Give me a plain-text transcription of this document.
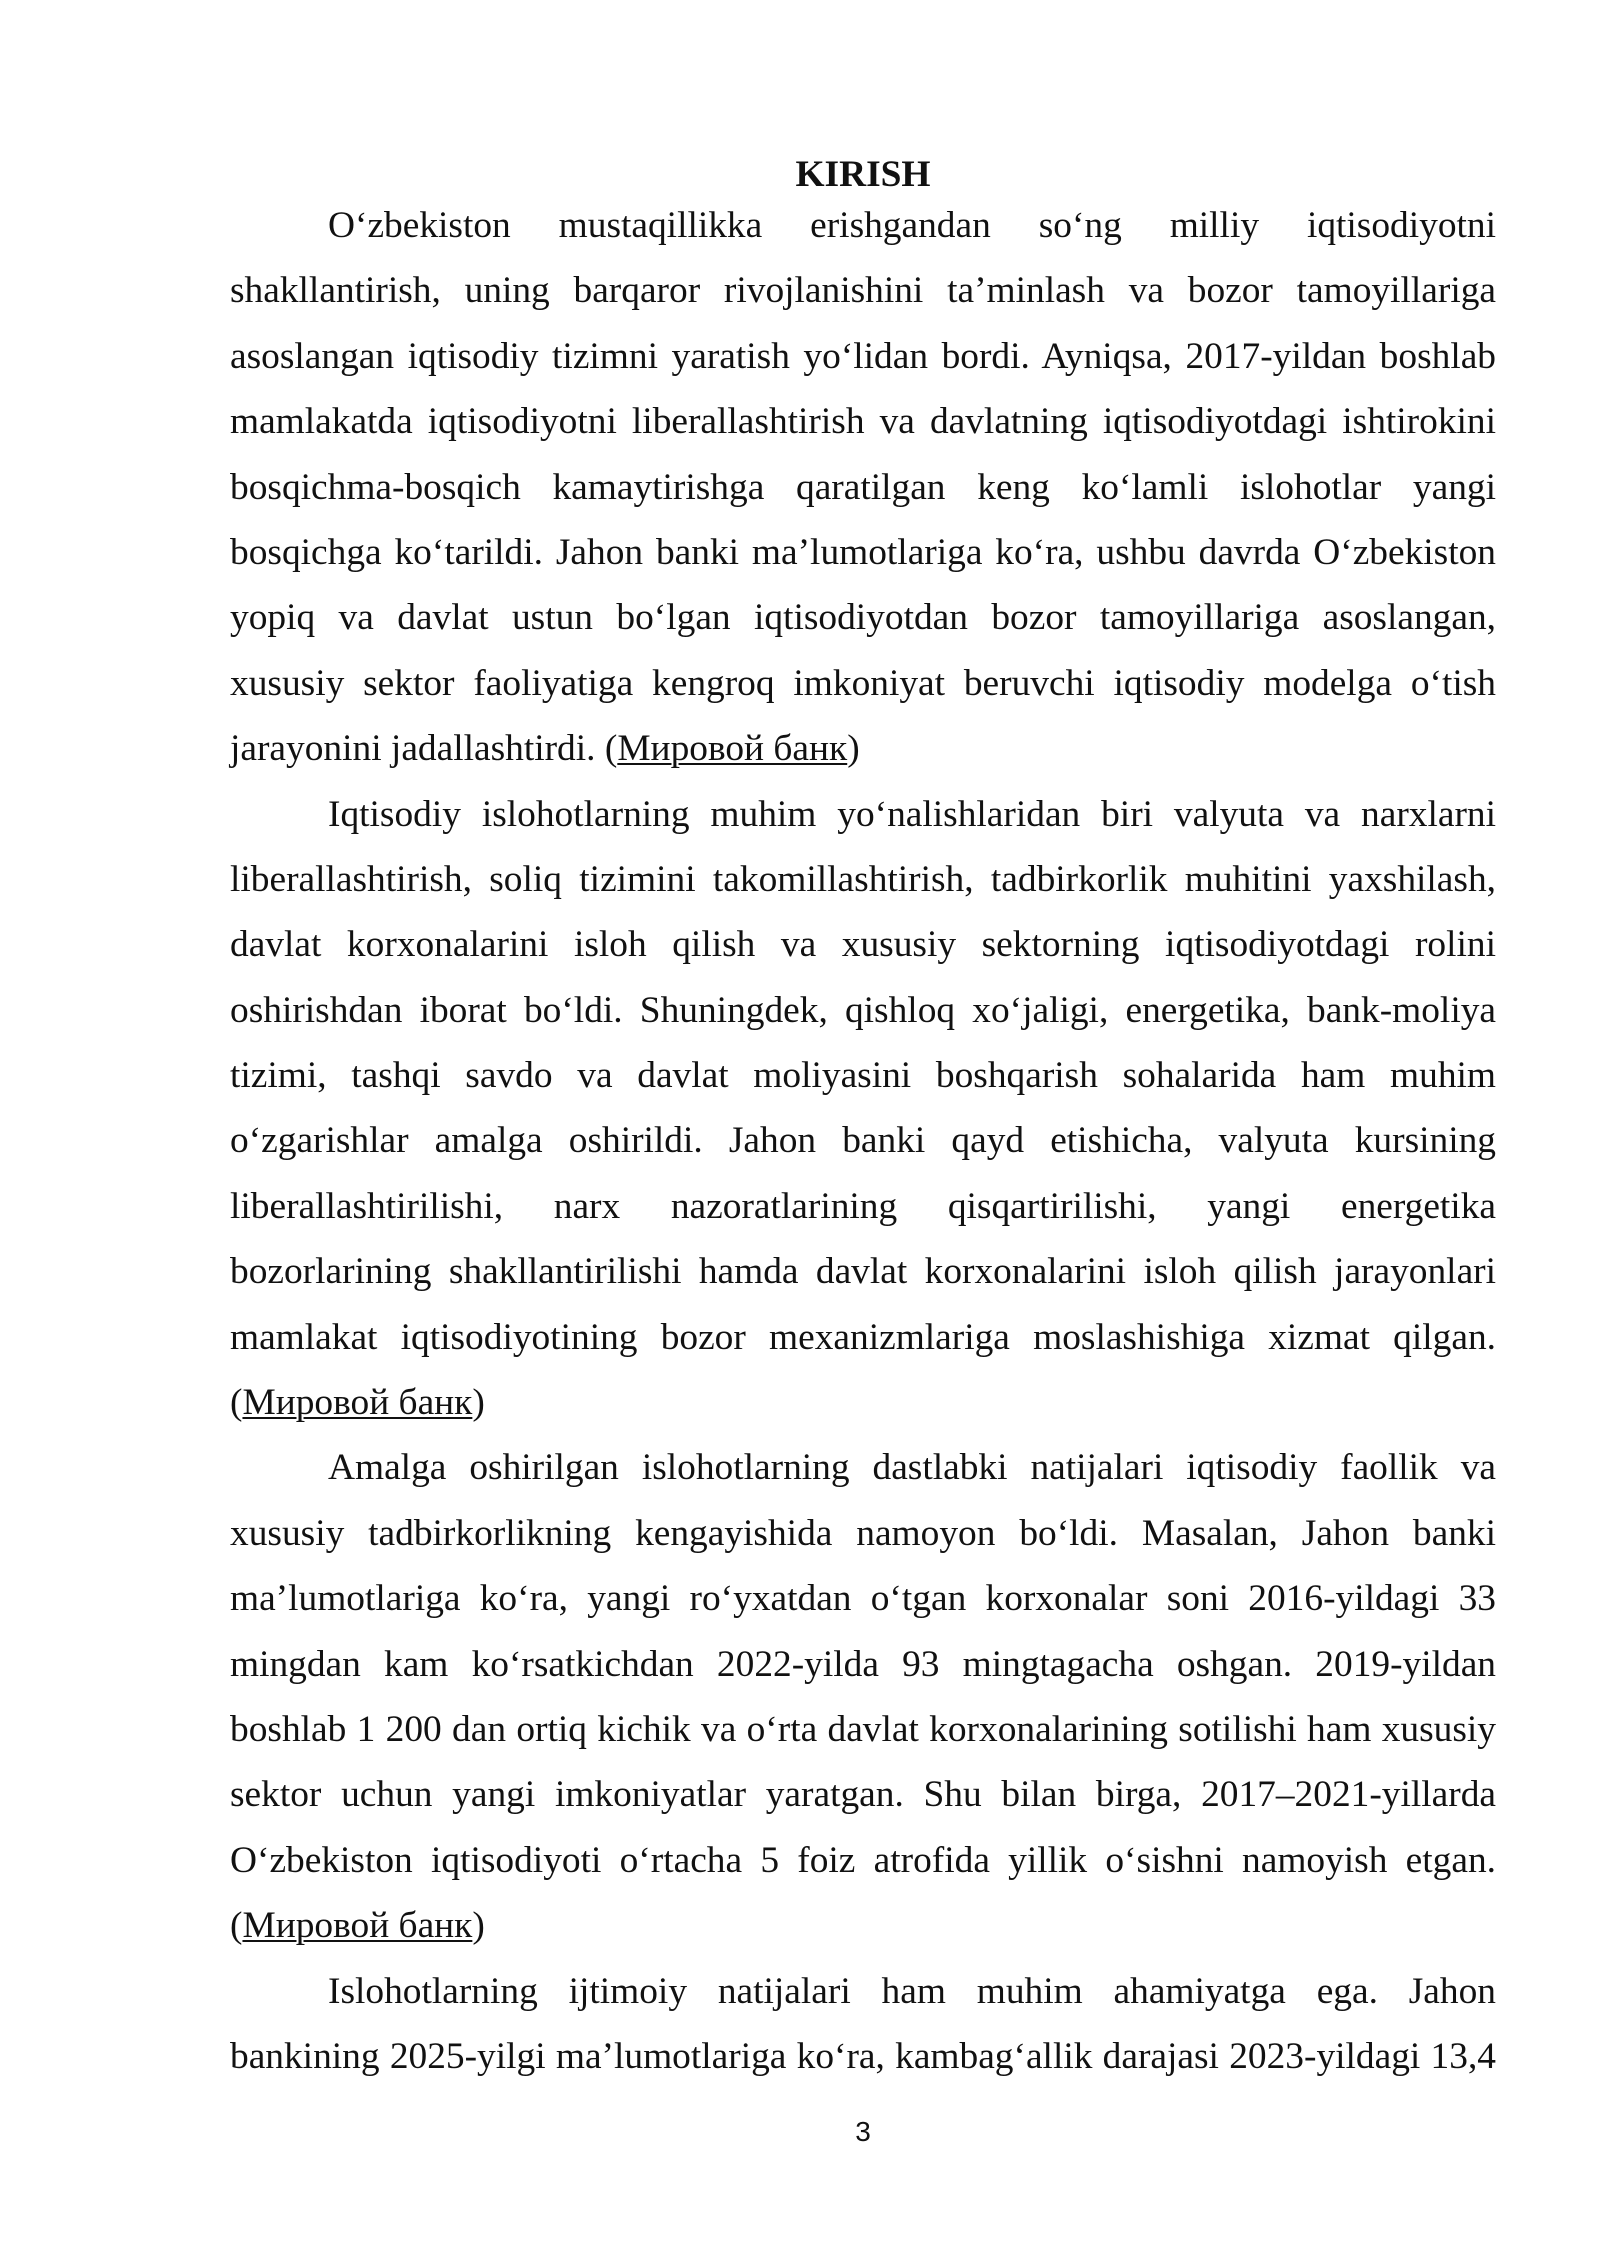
KIRISH
O‘zbekiston mustaqillikka erishgandan so‘ng milliy iqtisodiyotni
shakllantirish, uning barqaror rivojlanishini ta’minlash va bozor tamoyillariga
asoslangan iqtisodiy tizimni yaratish yo‘lidan bordi. Ayniqsa, 2017-yildan boshlab
mamlakatda iqtisodiyotni liberallashtirish va davlatning iqtisodiyotdagi ishtirokini
bosqichma-bosqich kamaytirishga qaratilgan keng ko‘lamli islohotlar yangi
bosqichga ko‘tarildi. Jahon banki ma’lumotlariga ko‘ra, ushbu davrda O‘zbekiston
yopiq va davlat ustun bo‘lgan iqtisodiyotdan bozor tamoyillariga asoslangan,
xususiy sektor faoliyatiga kengroq imkoniyat beruvchi iqtisodiy modelga o‘tish
jarayonini jadallashtirdi. (Мировой банк)
Iqtisodiy islohotlarning muhim yo‘nalishlaridan biri valyuta va narxlarni
liberallashtirish, soliq tizimini takomillashtirish, tadbirkorlik muhitini yaxshilash,
davlat korxonalarini isloh qilish va xususiy sektorning iqtisodiyotdagi rolini
oshirishdan iborat bo‘ldi. Shuningdek, qishloq xo‘jaligi, energetika, bank-moliya
tizimi, tashqi savdo va davlat moliyasini boshqarish sohalarida ham muhim
o‘zgarishlar amalga oshirildi. Jahon banki qayd etishicha, valyuta kursining
liberallashtirilishi, narx nazoratlarining qisqartirilishi, yangi energetika
bozorlarining shakllantirilishi hamda davlat korxonalarini isloh qilish jarayonlari
mamlakat iqtisodiyotining bozor mexanizmlariga moslashishiga xizmat qilgan.
(Мировой банк)
Amalga oshirilgan islohotlarning dastlabki natijalari iqtisodiy faollik va
xususiy tadbirkorlikning kengayishida namoyon bo‘ldi. Masalan, Jahon banki
ma’lumotlariga ko‘ra, yangi ro‘yxatdan o‘tgan korxonalar soni 2016-yildagi 33
mingdan kam ko‘rsatkichdan 2022-yilda 93 mingtagacha oshgan. 2019-yildan
boshlab 1 200 dan ortiq kichik va o‘rta davlat korxonalarining sotilishi ham xususiy
sektor uchun yangi imkoniyatlar yaratgan. Shu bilan birga, 2017–2021-yillarda
O‘zbekiston iqtisodiyoti o‘rtacha 5 foiz atrofida yillik o‘sishni namoyish etgan.
(Мировой банк)
Islohotlarning ijtimoiy natijalari ham muhim ahamiyatga ega. Jahon
bankining 2025-yilgi ma’lumotlariga ko‘ra, kambag‘allik darajasi 2023-yildagi 13,4
3
